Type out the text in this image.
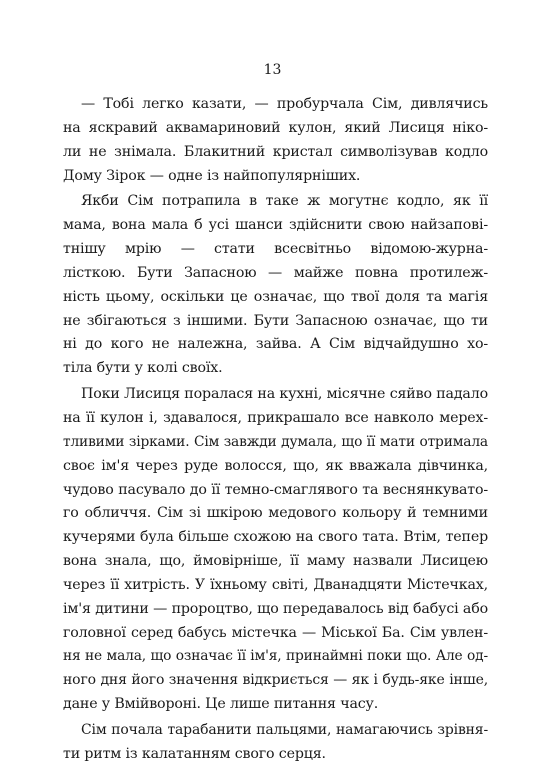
13
— Тобі легко казати, — пробурчала Сім, дивлячись
на яскравий аквамариновий кулон, який Лисиця ніко-
ли не знімала. Блакитний кристал символізував кодло
Дому Зірок — одне із найпопулярніших.
Якби Сім потрапила в таке ж могутнє кодло, як її
мама, вона мала б усі шанси здійснити свою найзапові-
тнішу мрію — стати всесвітньо відомою-журна-
лісткою. Бути Запасною — майже повна протилеж-
ність цьому, оскільки це означає, що твої доля та магія
не збігаються з іншими. Бути Запасною означає, що ти
ні до кого не належна, зайва. А Сім відчайдушно хо-
тіла бути у колі своїх.
Поки Лисиця поралася на кухні, місячне сяйво падало
на її кулон і, здавалося, прикрашало все навколо мерех-
тливими зірками. Сім завжди думала, що її мати отримала
своє ім'я через руде волосся, що, як вважала дівчинка,
чудово пасувало до її темно-смаглявого та веснянкувато-
го обличчя. Сім зі шкірою медового кольору й темними
кучерями була більше схожою на свого тата. Втім, тепер
вона знала, що, ймовірніше, її маму назвали Лисицею
через її хитрість. У їхньому світі, Дванадцяти Містечках,
ім'я дитини — пророцтво, що передавалось від бабусі або
головної серед бабусь містечка — Міської Ба. Сім увлен-
ня не мала, що означає її ім'я, принаймні поки що. Але од-
ного дня його значення відкриється — як і будь-яке інше,
дане у Вмійвороні. Це лише питання часу.
Сім почала тарабанити пальцями, намагаючись зрівня-
ти ритм із калатанням свого серця.
